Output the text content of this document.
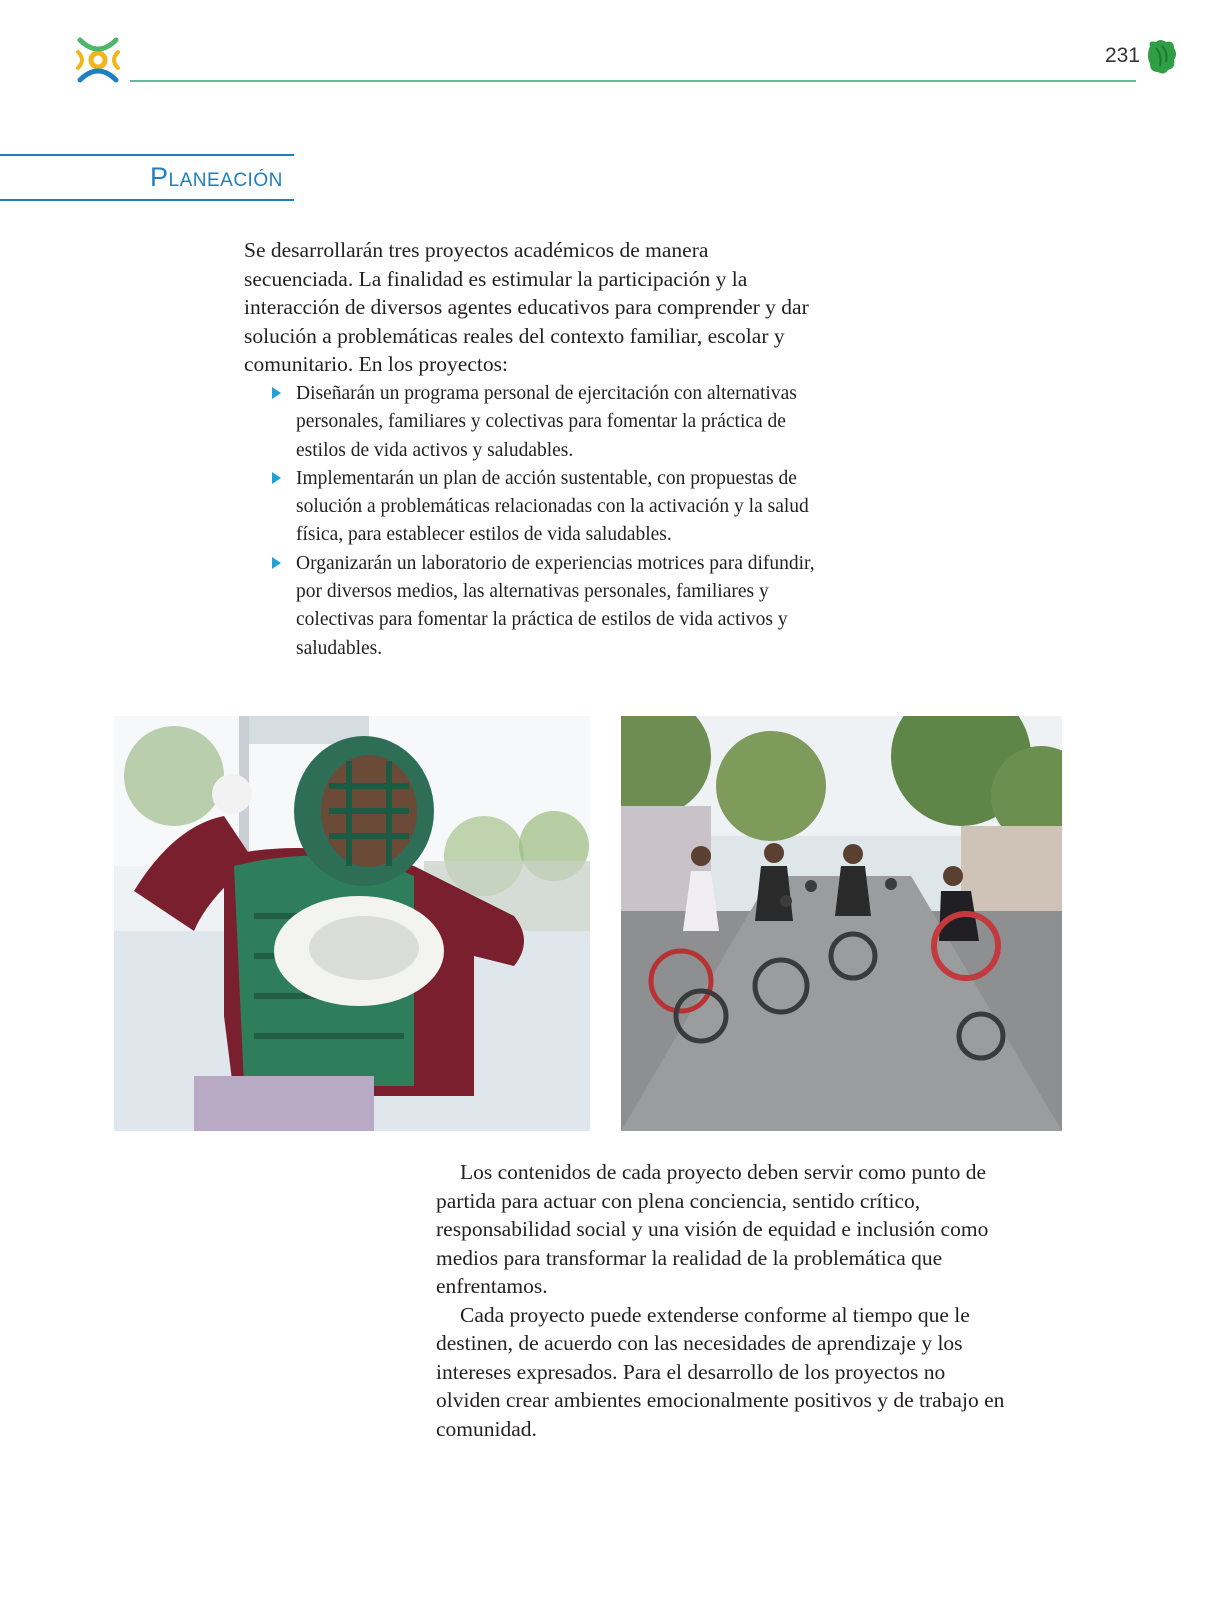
231
Planeación

Se desarrollarán tres proyectos académicos de manera secuenciada. La finalidad es estimular la participación y la interacción de diversos agentes educativos para comprender y dar solución a problemáticas reales del contexto familiar, escolar y comunitario. En los proyectos:

Diseñarán un programa personal de ejercitación con alternativas personales, familiares y colectivas para fomentar la práctica de estilos de vida activos y saludables.
Implementarán un plan de acción sustentable, con propuestas de solución a problemáticas relacionadas con la activación y la salud física, para establecer estilos de vida saludables.
Organizarán un laboratorio de experiencias motrices para difundir, por diversos medios, las alternativas personales, familiares y colectivas para fomentar la práctica de estilos de vida activos y saludables.

Los contenidos de cada proyecto deben servir como punto de partida para actuar con plena conciencia, sentido crítico, responsabilidad social y una visión de equidad e inclusión como medios para transformar la realidad de la problemática que enfrentamos.

Cada proyecto puede extenderse conforme al tiempo que le destinen, de acuerdo con las necesidades de aprendizaje y los intereses expresados. Para el desarrollo de los proyectos no olviden crear ambientes emocionalmente positivos y de trabajo en comunidad.
